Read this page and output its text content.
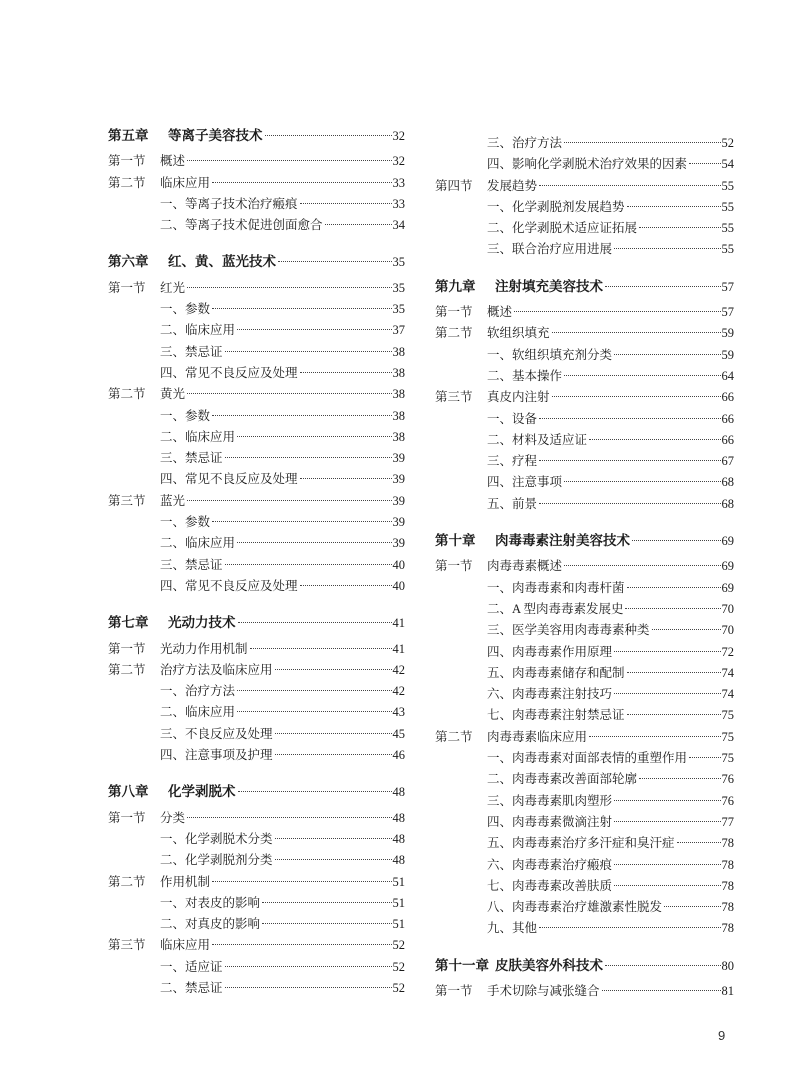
第五章 等离子美容技术	32
第一节 概述	32
第二节 临床应用	33
一、等离子技术治疗瘢痕	33
二、等离子技术促进创面愈合	34
第六章 红、黄、蓝光技术	35
第一节 红光	35
一、参数	35
二、临床应用	37
三、禁忌证	38
四、常见不良反应及处理	38
第二节 黄光	38
一、参数	38
二、临床应用	38
三、禁忌证	39
四、常见不良反应及处理	39
第三节 蓝光	39
一、参数	39
二、临床应用	39
三、禁忌证	40
四、常见不良反应及处理	40
第七章 光动力技术	41
第一节 光动力作用机制	41
第二节 治疗方法及临床应用	42
一、治疗方法	42
二、临床应用	43
三、不良反应及处理	45
四、注意事项及护理	46
第八章 化学剥脱术	48
第一节 分类	48
一、化学剥脱术分类	48
二、化学剥脱剂分类	48
第二节 作用机制	51
一、对表皮的影响	51
二、对真皮的影响	51
第三节 临床应用	52
一、适应证	52
二、禁忌证	52
三、治疗方法	52
四、影响化学剥脱术治疗效果的因素	54
第四节 发展趋势	55
一、化学剥脱剂发展趋势	55
二、化学剥脱术适应证拓展	55
三、联合治疗应用进展	55
第九章 注射填充美容技术	57
第一节 概述	57
第二节 软组织填充	59
一、软组织填充剂分类	59
二、基本操作	64
第三节 真皮内注射	66
一、设备	66
二、材料及适应证	66
三、疗程	67
四、注意事项	68
五、前景	68
第十章 肉毒毒素注射美容技术	69
第一节 肉毒毒素概述	69
一、肉毒毒素和肉毒杆菌	69
二、A 型肉毒毒素发展史	70
三、医学美容用肉毒毒素种类	70
四、肉毒毒素作用原理	72
五、肉毒毒素储存和配制	74
六、肉毒毒素注射技巧	74
七、肉毒毒素注射禁忌证	75
第二节 肉毒毒素临床应用	75
一、肉毒毒素对面部表情的重塑作用	75
二、肉毒毒素改善面部轮廓	76
三、肉毒毒素肌肉塑形	76
四、肉毒毒素微滴注射	77
五、肉毒毒素治疗多汗症和臭汗症	78
六、肉毒毒素治疗瘢痕	78
七、肉毒毒素改善肤质	78
八、肉毒毒素治疗雄激素性脱发	78
九、其他	78
第十一章 皮肤美容外科技术	80
第一节 手术切除与减张缝合	81
9
